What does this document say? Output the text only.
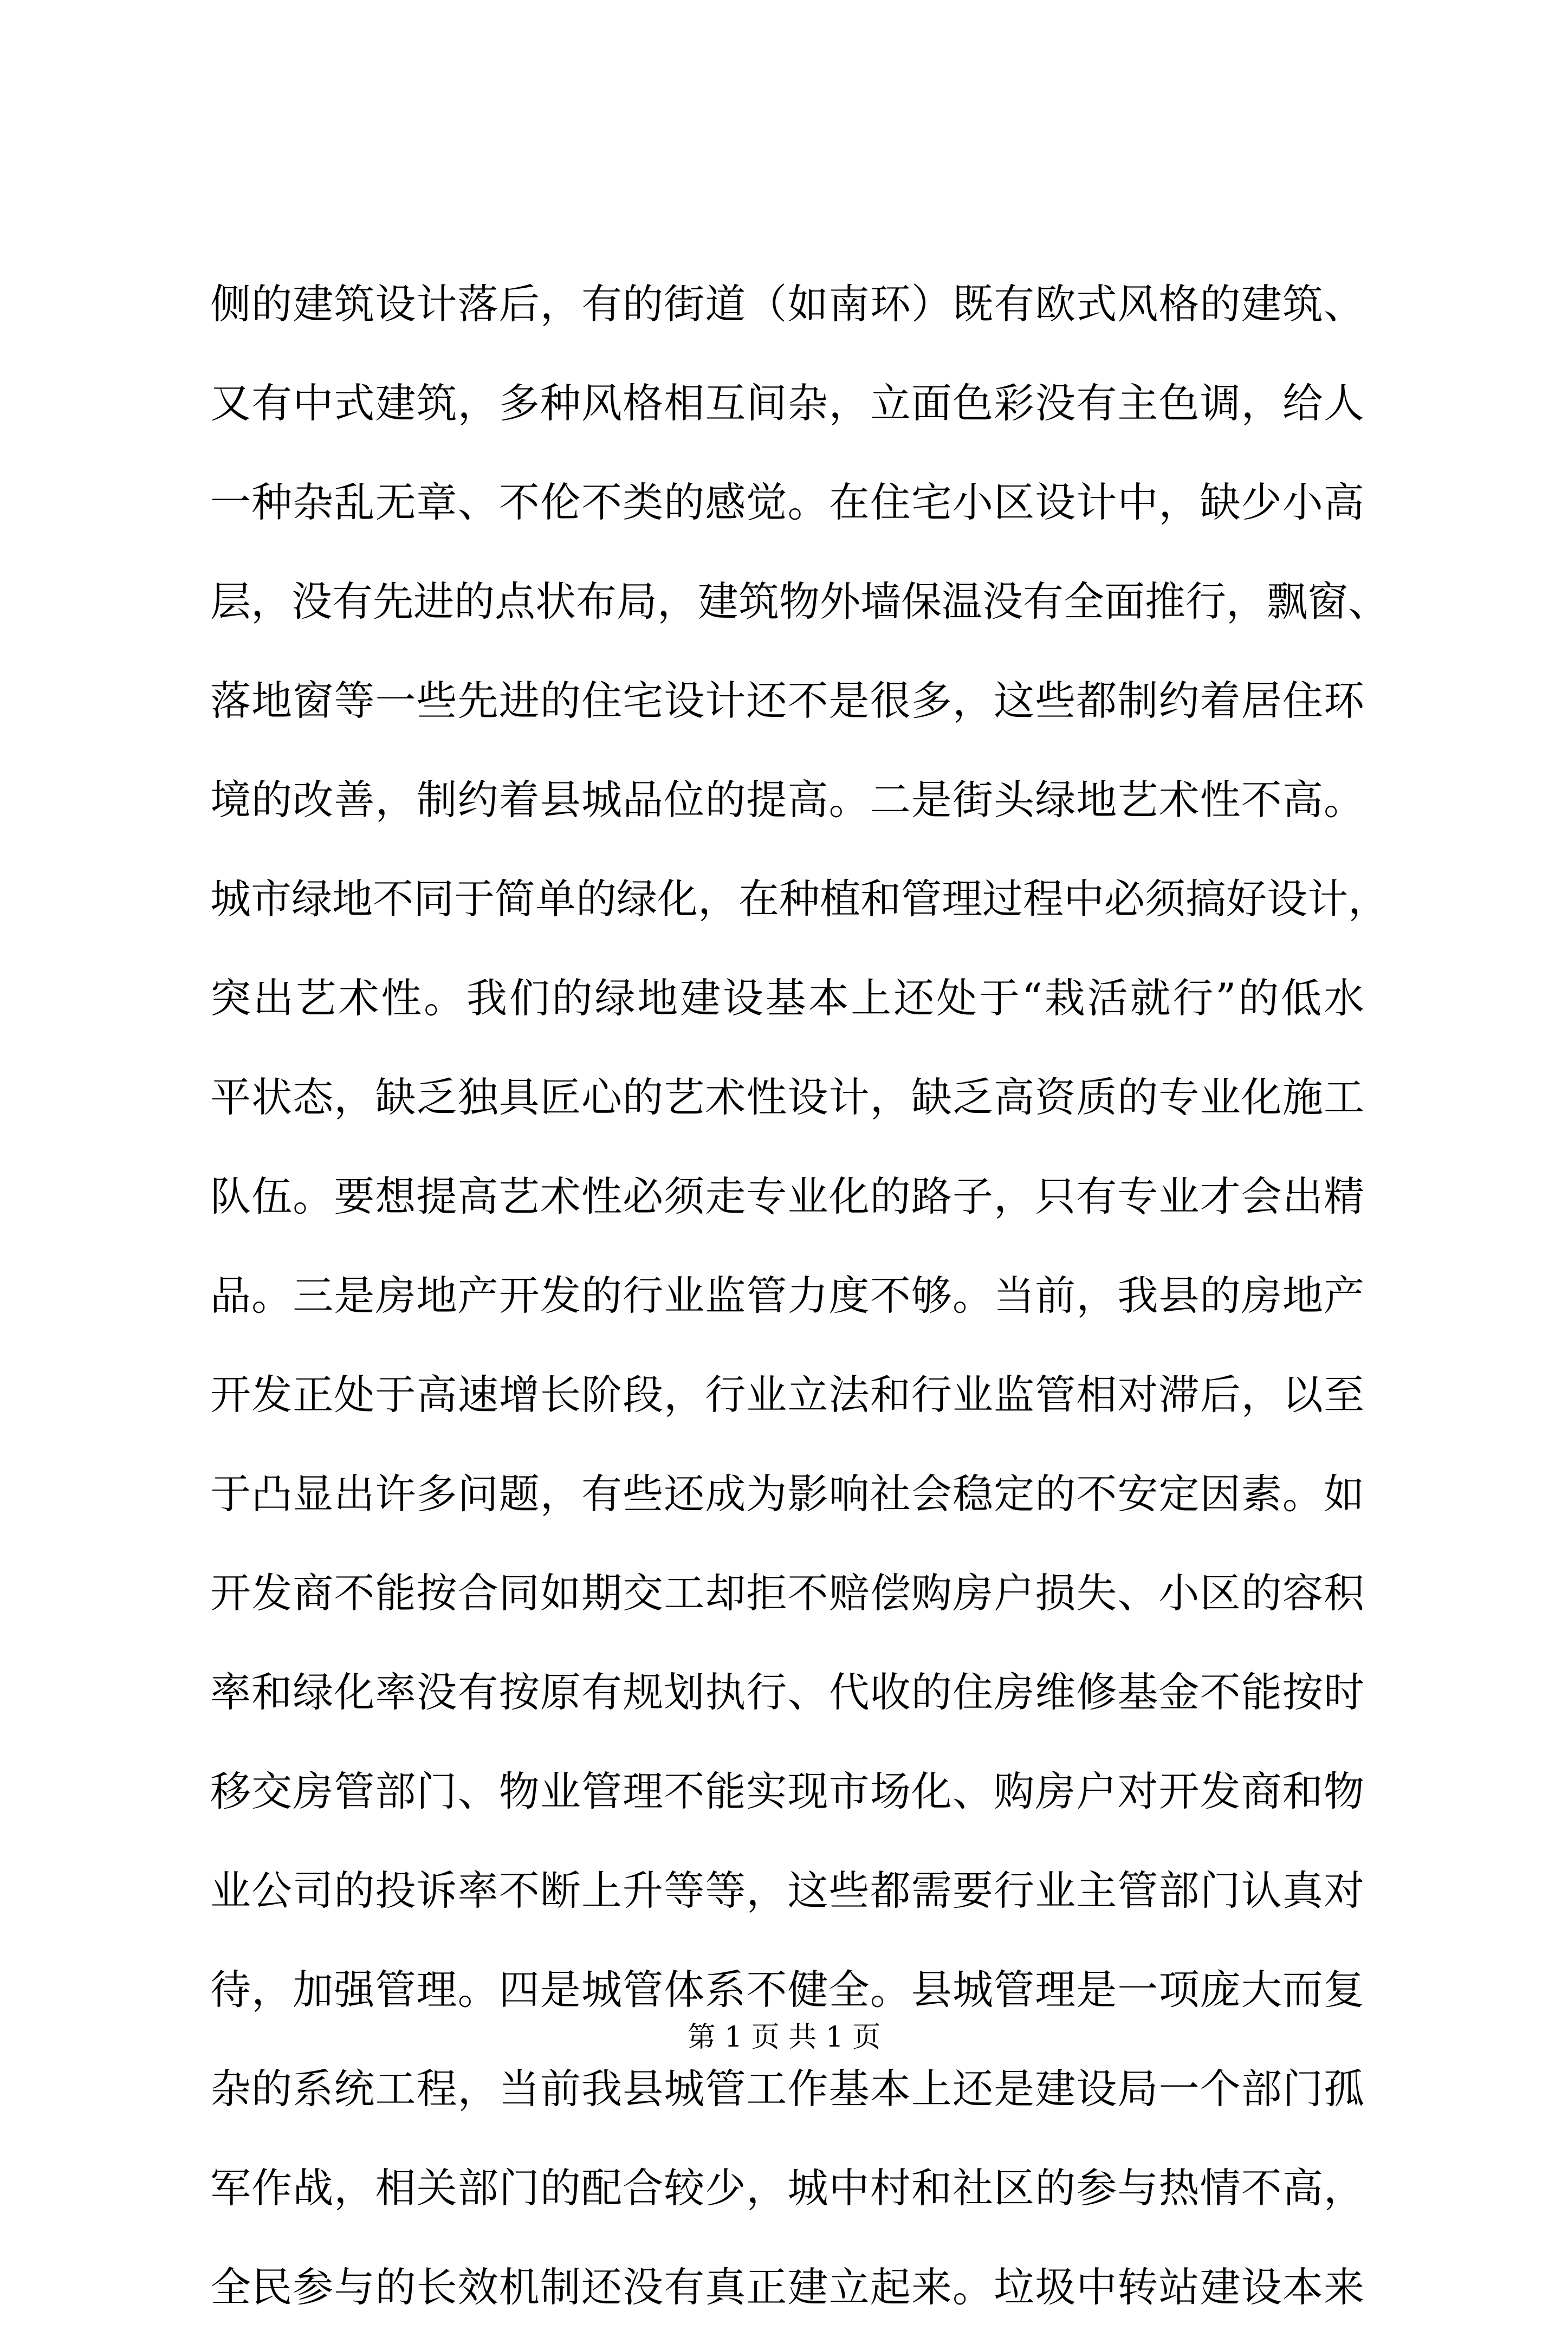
侧的建筑设计落后，有的街道（如南环）既有欧式风格的建筑、
又有中式建筑，多种风格相互间杂，立面色彩没有主色调，给人
一种杂乱无章、不伦不类的感觉。在住宅小区设计中，缺少小高
层，没有先进的点状布局，建筑物外墙保温没有全面推行，飘窗、
落地窗等一些先进的住宅设计还不是很多，这些都制约着居住环
境的改善，制约着县城品位的提高。二是街头绿地艺术性不高。
城市绿地不同于简单的绿化，在种植和管理过程中必须搞好设计，
突出艺术性。我们的绿地建设基本上还处于“栽活就行”的低水
平状态，缺乏独具匠心的艺术性设计，缺乏高资质的专业化施工
队伍。要想提高艺术性必须走专业化的路子，只有专业才会出精
品。三是房地产开发的行业监管力度不够。当前，我县的房地产
开发正处于高速增长阶段，行业立法和行业监管相对滞后，以至
于凸显出许多问题，有些还成为影响社会稳定的不安定因素。如
开发商不能按合同如期交工却拒不赔偿购房户损失、小区的容积
率和绿化率没有按原有规划执行、代收的住房维修基金不能按时
移交房管部门、物业管理不能实现市场化、购房户对开发商和物
业公司的投诉率不断上升等等，这些都需要行业主管部门认真对
待，加强管理。四是城管体系不健全。县城管理是一项庞大而复
杂的系统工程，当前我县城管工作基本上还是建设局一个部门孤
军作战，相关部门的配合较少，城中村和社区的参与热情不高，
全民参与的长效机制还没有真正建立起来。垃圾中转站建设本来
第 1 页 共 1 页
